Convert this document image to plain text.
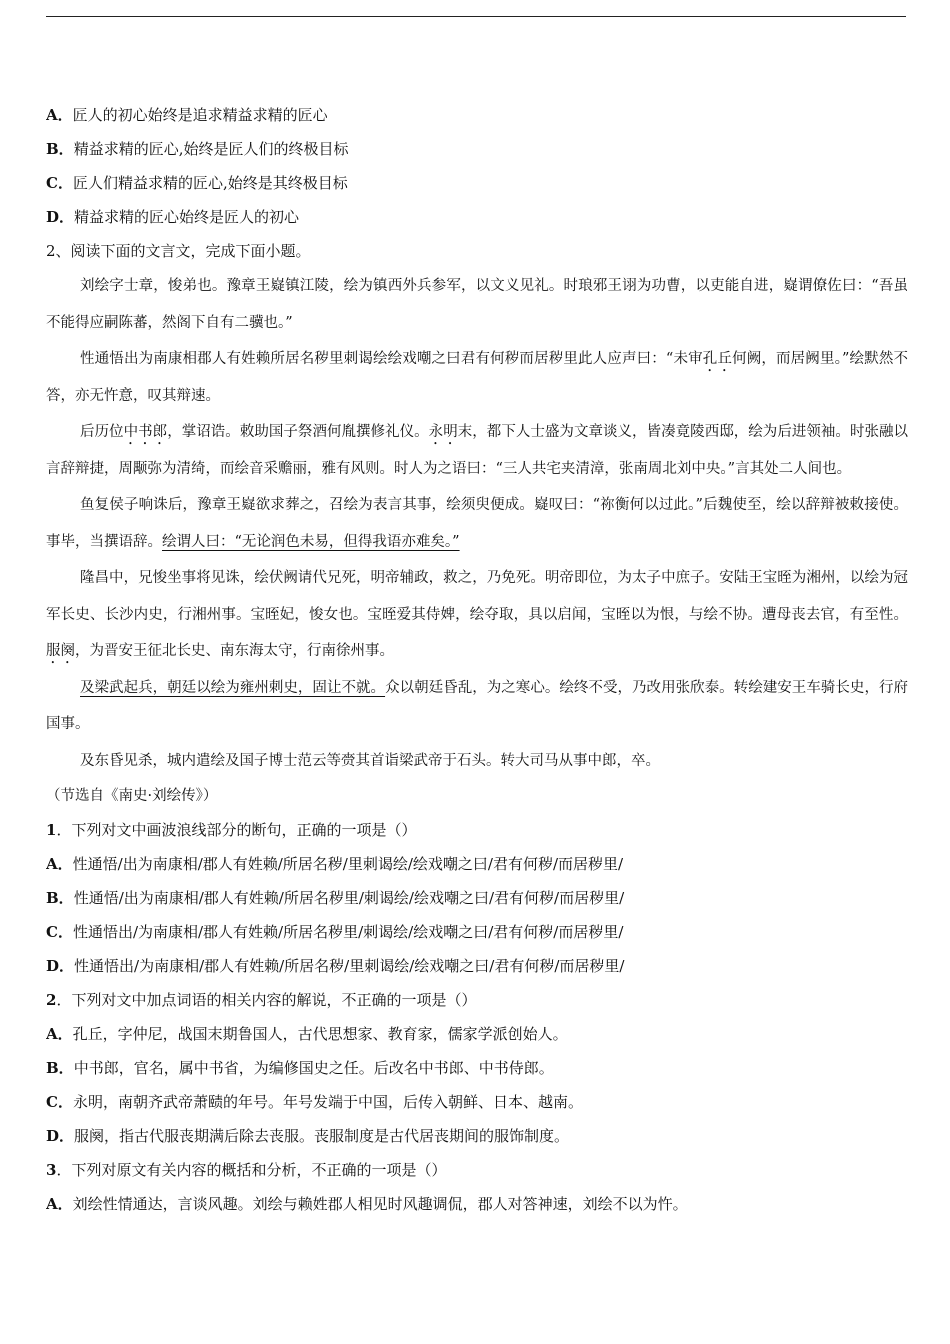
A．匠人的初心始终是追求精益求精的匠心
B．精益求精的匠心,始终是匠人们的终极目标
C．匠人们精益求精的匠心,始终是其终极目标
D．精益求精的匠心始终是匠人的初心
2、阅读下面的文言文，完成下面小题。

刘绘字士章，悛弟也。豫章王嶷镇江陵，绘为镇西外兵参军，以文义见礼。时琅邪王诩为功曹，以吏能自进，嶷谓僚佐曰：“吾虽不能得应嗣陈蕃，然阁下自有二骥也。”

性通悟出为南康相郡人有姓赖所居名秽里刺谒绘绘戏嘲之曰君有何秽而居秽里此人应声曰：“未审孔丘何阙，而居阙里。”绘默然不答，亦无忤意，叹其辩速。

后历位中书郎，掌诏诰。敕助国子祭酒何胤撰修礼仪。永明末，都下人士盛为文章谈义，皆凑竟陵西邸，绘为后进领袖。时张融以言辞辩捷，周颙弥为清绮，而绘音采赡丽，雅有风则。时人为之语曰：“三人共宅夹清漳，张南周北刘中央。”言其处二人间也。

鱼复侯子响诛后，豫章王嶷欲求葬之，召绘为表言其事，绘须臾便成。嶷叹曰：“祢衡何以过此。”后魏使至，绘以辞辩被敕接使。事毕，当撰语辞。绘谓人曰：“无论润色未易，但得我语亦难矣。”

隆昌中，兄悛坐事将见诛，绘伏阙请代兄死，明帝辅政，救之，乃免死。明帝即位，为太子中庶子。安陆王宝晊为湘州，以绘为冠军长史、长沙内史，行湘州事。宝晊妃，悛女也。宝晊爱其侍婢，绘夺取，具以启闻，宝晊以为恨，与绘不协。遭母丧去官，有至性。服阕，为晋安王征北长史、南东海太守，行南徐州事。

及梁武起兵，朝廷以绘为雍州刺史，固让不就。众以朝廷昏乱，为之寒心。绘终不受，乃改用张欣泰。转绘建安王车骑长史，行府国事。

及东昏见杀，城内遣绘及国子博士范云等赍其首诣梁武帝于石头。转大司马从事中郎，卒。

（节选自《南史·刘绘传》）
1．下列对文中画波浪线部分的断句，正确的一项是（）
A．性通悟/出为南康相/郡人有姓赖/所居名秽/里刺谒绘/绘戏嘲之曰/君有何秽/而居秽里/
B．性通悟/出为南康相/郡人有姓赖/所居名秽里/刺谒绘/绘戏嘲之曰/君有何秽/而居秽里/
C．性通悟出/为南康相/郡人有姓赖/所居名秽里/刺谒绘/绘戏嘲之曰/君有何秽/而居秽里/
D．性通悟出/为南康相/郡人有姓赖/所居名秽/里刺谒绘/绘戏嘲之曰/君有何秽/而居秽里/
2．下列对文中加点词语的相关内容的解说，不正确的一项是（）
A．孔丘，字仲尼，战国末期鲁国人，古代思想家、教育家，儒家学派创始人。
B．中书郎，官名，属中书省，为编修国史之任。后改名中书郎、中书侍郎。
C．永明，南朝齐武帝萧赜的年号。年号发端于中国，后传入朝鲜、日本、越南。
D．服阕，指古代服丧期满后除去丧服。丧服制度是古代居丧期间的服饰制度。
3．下列对原文有关内容的概括和分析，不正确的一项是（）
A．刘绘性情通达，言谈风趣。刘绘与赖姓郡人相见时风趣调侃，郡人对答神速，刘绘不以为忤。
